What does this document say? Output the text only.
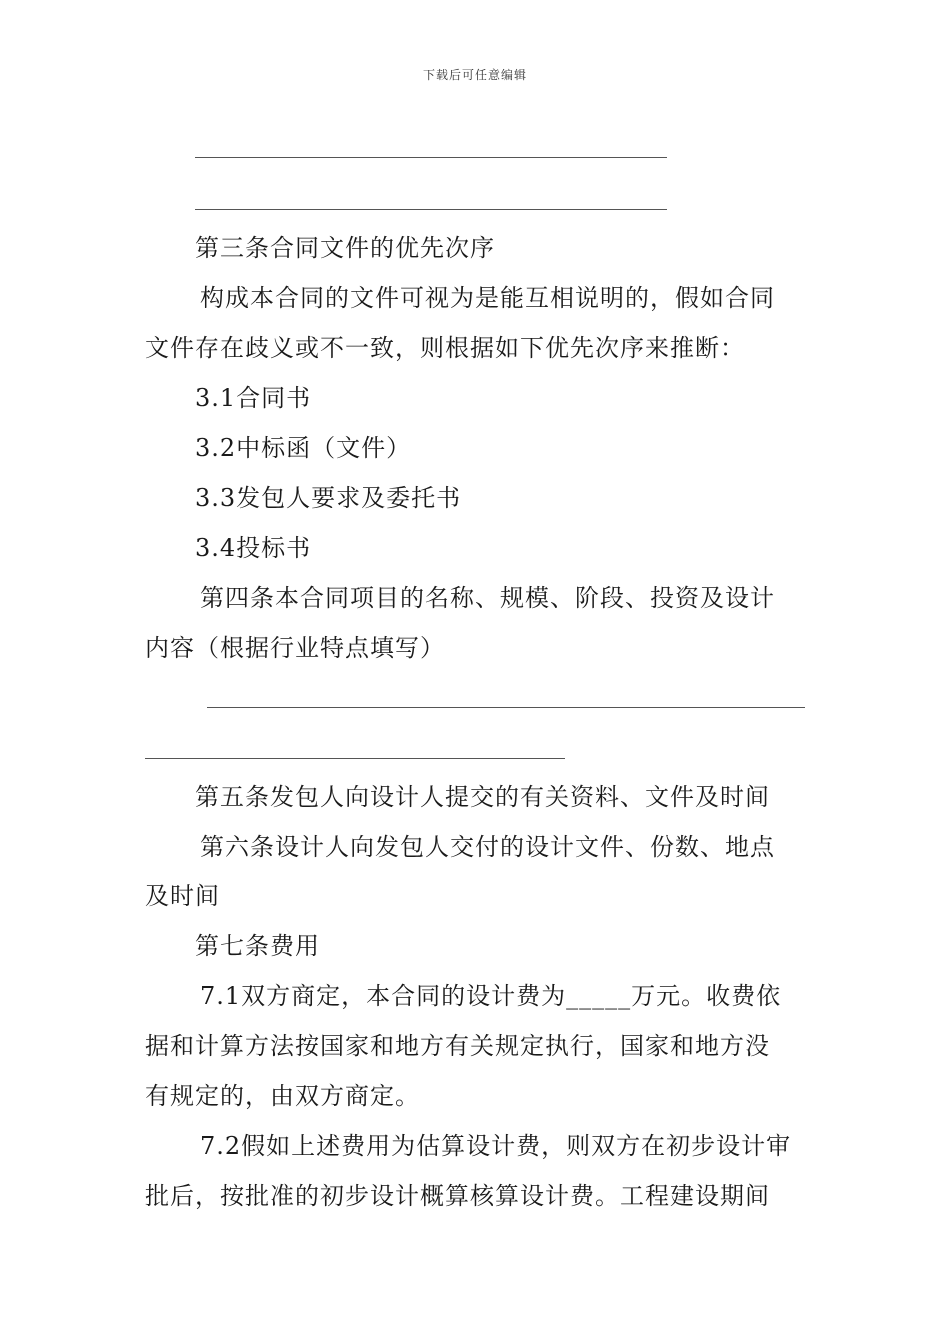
下载后可任意编辑
第三条合同文件的优先次序
构成本合同的文件可视为是能互相说明的，假如合同
文件存在歧义或不一致，则根据如下优先次序来推断：
3.1合同书
3.2中标函（文件）
3.3发包人要求及委托书
3.4投标书
第四条本合同项目的名称、规模、阶段、投资及设计
内容（根据行业特点填写）
第五条发包人向设计人提交的有关资料、文件及时间
第六条设计人向发包人交付的设计文件、份数、地点
及时间
第七条费用
7.1双方商定，本合同的设计费为_____万元。收费依
据和计算方法按国家和地方有关规定执行，国家和地方没
有规定的，由双方商定。
7.2假如上述费用为估算设计费，则双方在初步设计审
批后，按批准的初步设计概算核算设计费。工程建设期间
